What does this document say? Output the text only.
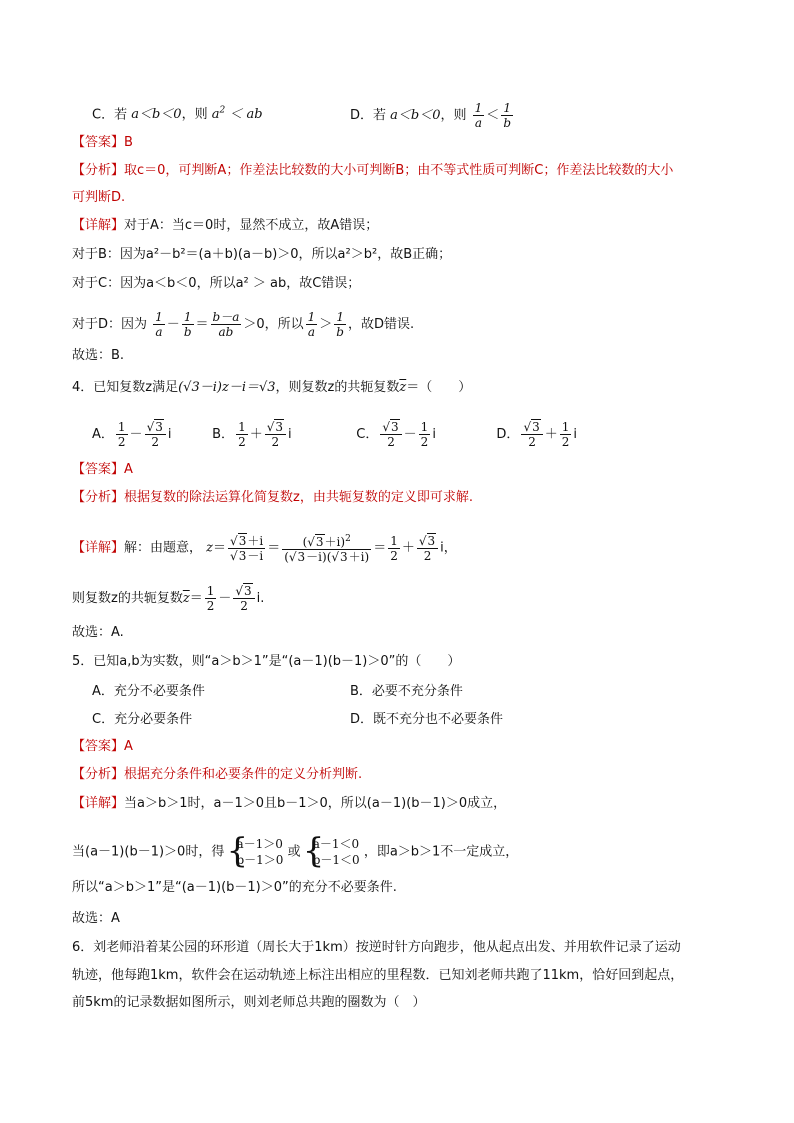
C．若 a＜b＜0，则 $a^2$ ＜ ab	D．若 a＜b＜0，则 $\frac{1}{a} < \frac{1}{b}$
【答案】B
【分析】取c＝0，可判断A；作差法比较数的大小可判断B；由不等式性质可判断C；作差法比较数的大小
可判断D.
【详解】对于A：当c＝0时，显然不成立，故A错误；
对于B：因为a²－b²＝(a＋b)(a－b)＞0，所以a²＞b²，故B正确；
对于C：因为a＜b＜0，所以a² ＞ ab，故C错误；
对于D：因为 $\frac{1}{a} - \frac{1}{b} = \frac{b-a}{ab} >0$，所以 $\frac{1}{a} > \frac{1}{b}$ ，故D错误.
故选：B.
4．已知复数z满足(√3－i)z－i＝√3，则复数z的共轭复数$\overline{z}=$（　　）
A． $\frac{1}{2} - \frac{√3}{2}$ i	B． $\frac{1}{2} + \frac{√3}{2}$ i	C． $\frac{√3}{2} - \frac{1}{2}$ i	D． $\frac{√3}{2} + \frac{1}{2}$ i
【答案】A
【分析】根据复数的除法运算化简复数z，由共轭复数的定义即可求解.
【详解】解：由题意， $z= \frac{√3+i}{√3-i} = \frac{(√3+i)^2}{(√3-i)(√3+i)} = \frac{1}{2} + \frac{√3}{2}$ i，
则复数z的共轭复数$\overline{z}= \frac{1}{2} - \frac{√3}{2} i$.
故选：A.
5．已知a,b为实数，则“a＞b＞1”是“(a－1)(b－1)＞0”的（　　）
A．充分不必要条件	B．必要不充分条件
C．充分必要条件	D．既不充分也不必要条件
【答案】A
【分析】根据充分条件和必要条件的定义分析判断.
【详解】当a＞b＞1时，a－1＞0且b－1＞0，所以(a－1)(b－1)＞0成立，
当(a－1)(b－1)＞0时，得
{ a－1＞0
b－1＞0
或
{ a－1＜0
b－1＜0
，即a＞b＞1不一定成立，
所以“a＞b＞1”是“(a－1)(b－1)＞0”的充分不必要条件.
故选：A
6．刘老师沿着某公园的环形道（周长大于1km）按逆时针方向跑步，他从起点出发、并用软件记录了运动
轨迹，他每跑1km，软件会在运动轨迹上标注出相应的里程数．已知刘老师共跑了11km，恰好回到起点，
前5km的记录数据如图所示，则刘老师总共跑的圈数为（　）
